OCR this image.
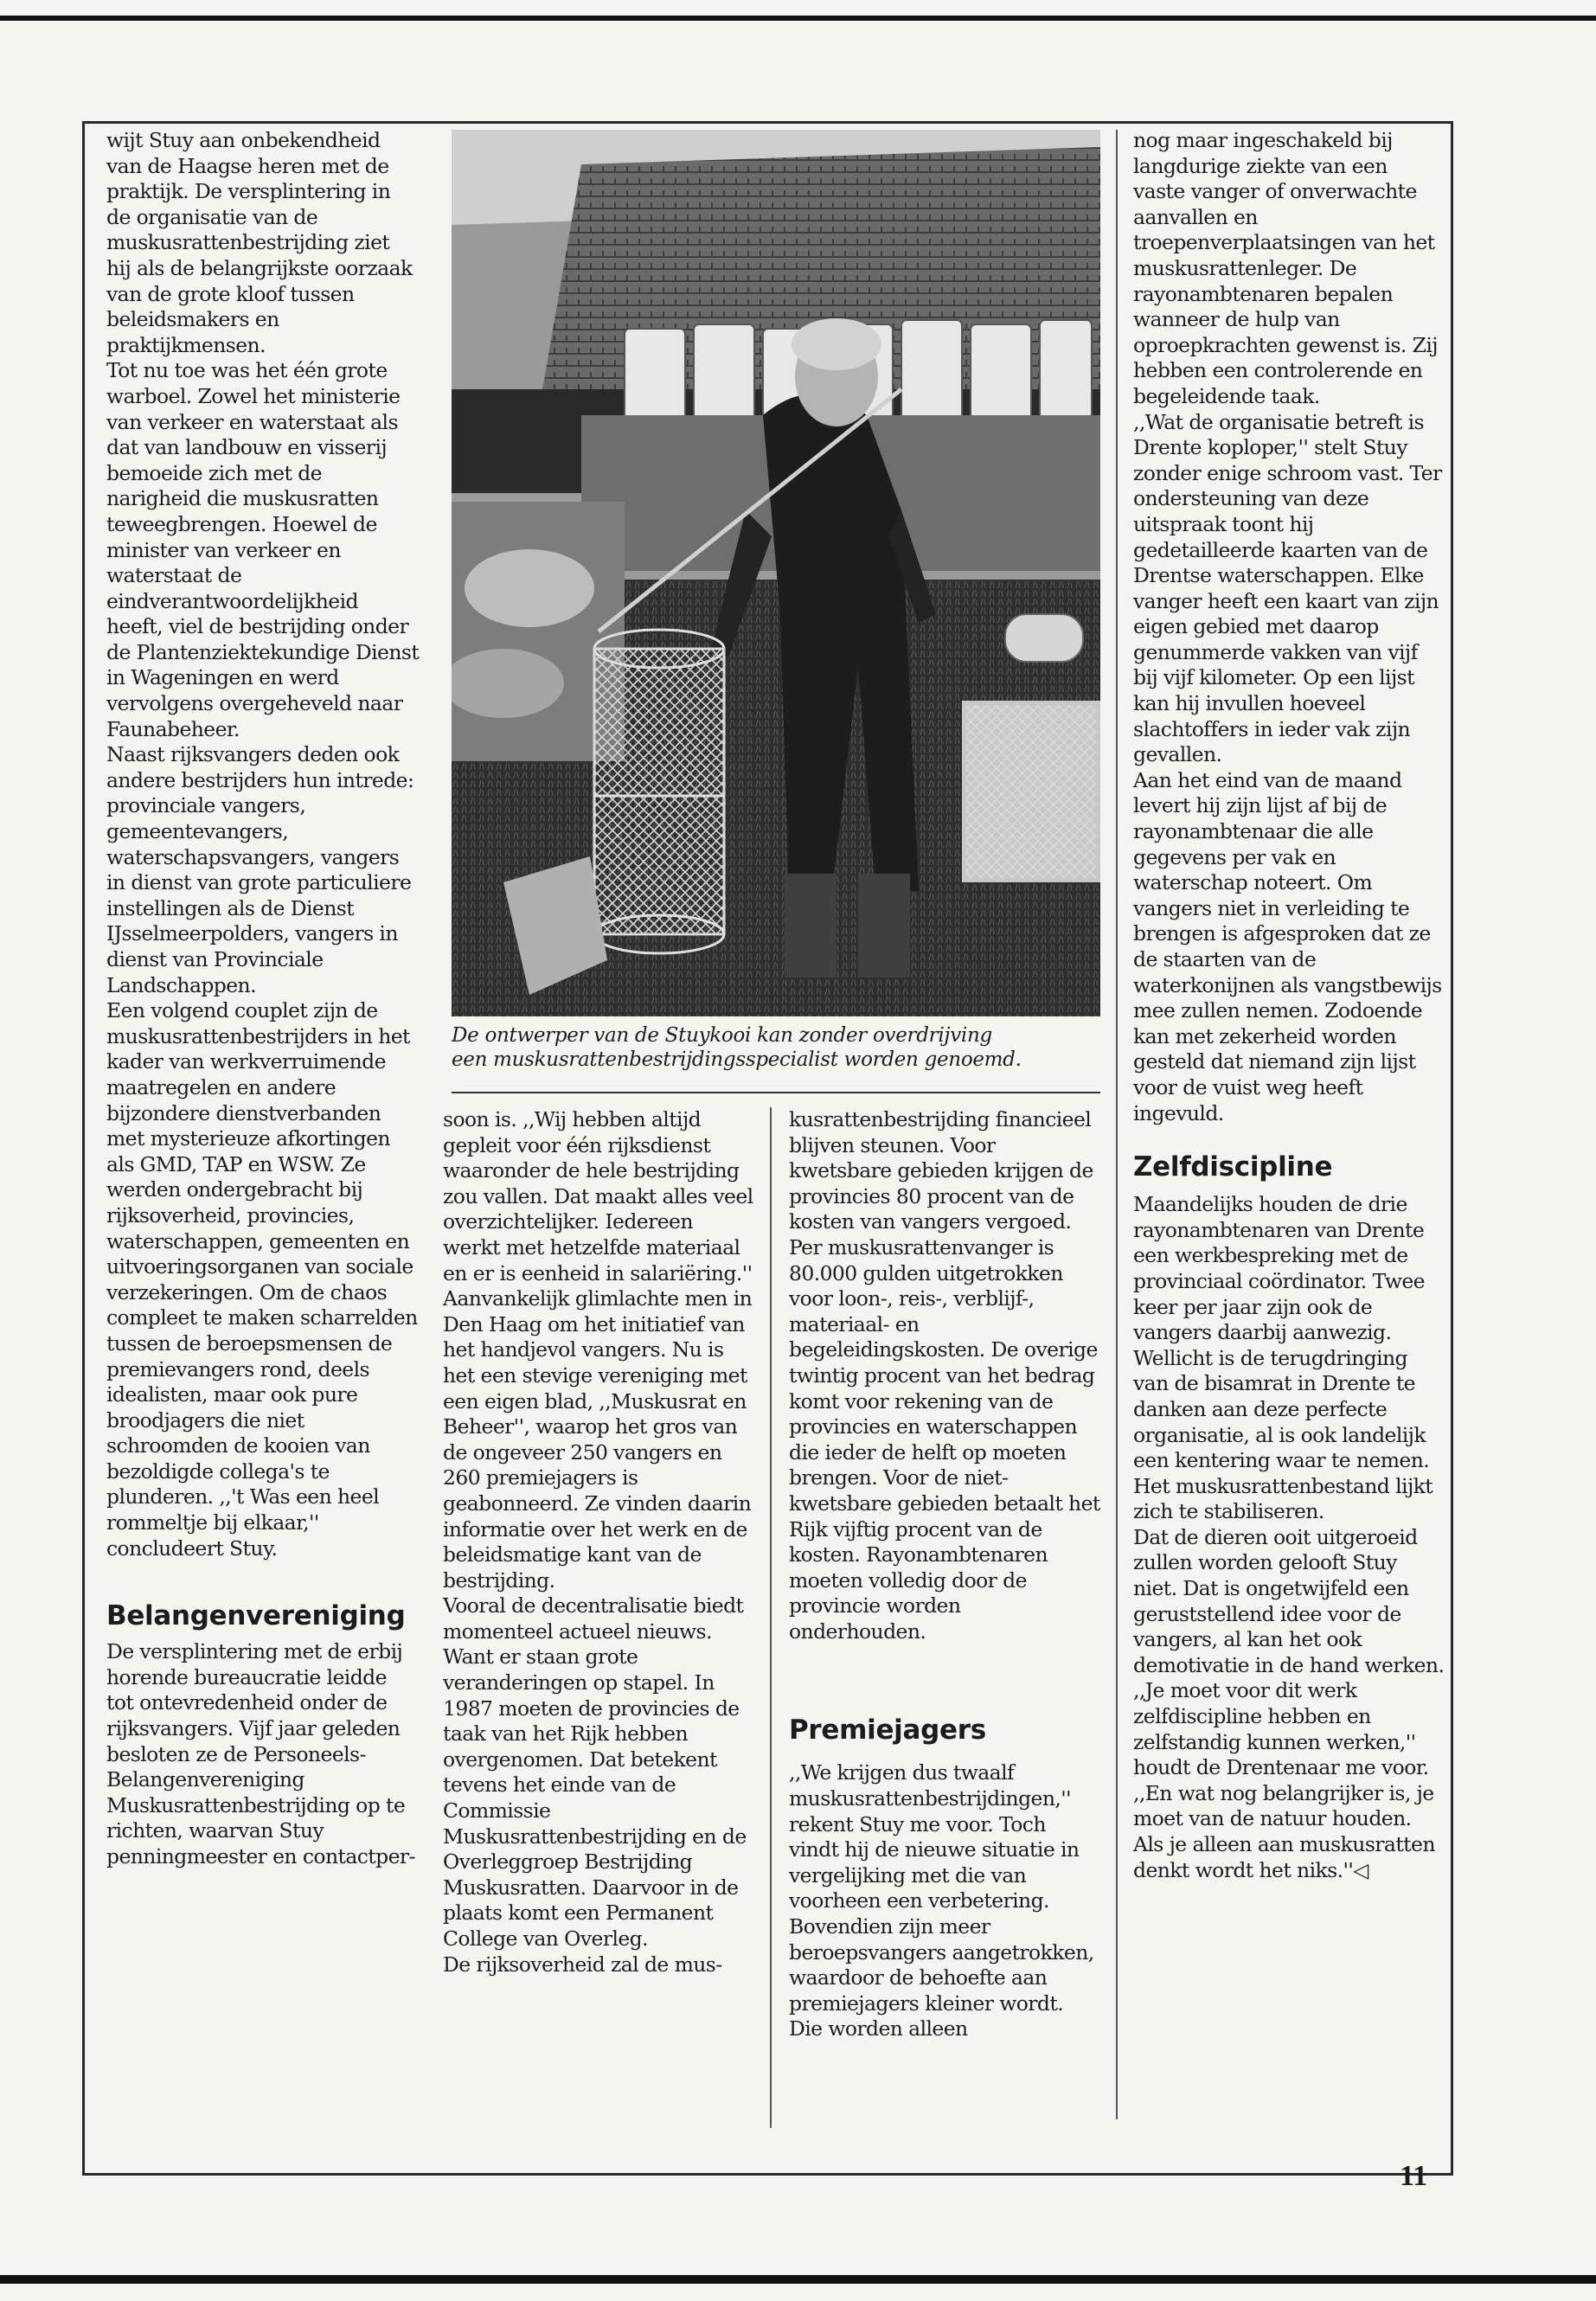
wijt Stuy aan onbekendheid van de Haagse heren met de praktijk. De versplintering in de organisatie van de muskusrattenbestrijding ziet hij als de belangrijkste oorzaak van de grote kloof tussen beleidsmakers en praktijkmensen.

Tot nu toe was het één grote warboel. Zowel het ministerie van verkeer en waterstaat als dat van landbouw en visserij bemoeide zich met de narigheid die muskusratten teweegbrengen. Hoewel de minister van verkeer en waterstaat de eindverantwoordelijkheid heeft, viel de bestrijding onder de Plantenziektekundige Dienst in Wageningen en werd vervolgens overgeheveld naar Faunabeheer.

Naast rijksvangers deden ook andere bestrijders hun intrede: provinciale vangers, gemeentevangers, waterschapsvangers, vangers in dienst van grote particuliere instellingen als de Dienst IJsselmeerpolders, vangers in dienst van Provinciale Landschappen.

Een volgend couplet zijn de muskusrattenbestrijders in het kader van werkverruimende maatregelen en andere bijzondere dienstverbanden met mysterieuze afkortingen als GMD, TAP en WSW. Ze werden ondergebracht bij rijksoverheid, provincies, waterschappen, gemeenten en uitvoeringsorganen van sociale verzekeringen. Om de chaos compleet te maken scharrelden tussen de beroepsmensen de premievangers rond, deels idealisten, maar ook pure broodjagers die niet schroomden de kooien van bezoldigde collega's te plunderen. ,,'t Was een heel rommeltje bij elkaar,'' concludeert Stuy.

Belangenvereniging

De versplintering met de erbij horende bureaucratie leidde tot ontevredenheid onder de rijksvangers. Vijf jaar geleden besloten ze de Personeels-Belangenvereniging Muskusrattenbestrijding op te richten, waarvan Stuy penningmeester en contactper-

De ontwerper van de Stuykooi kan zonder overdrijving
een muskusrattenbestrijdingsspecialist worden genoemd.

soon is. ,,Wij hebben altijd gepleit voor één rijksdienst waaronder de hele bestrijding zou vallen. Dat maakt alles veel overzichtelijker. Iedereen werkt met hetzelfde materiaal en er is eenheid in salariëring.''

Aanvankelijk glimlachte men in Den Haag om het initiatief van het handjevol vangers. Nu is het een stevige vereniging met een eigen blad, ,,Muskusrat en Beheer'', waarop het gros van de ongeveer 250 vangers en 260 premiejagers is geabonneerd. Ze vinden daarin informatie over het werk en de beleidsmatige kant van de bestrijding.

Vooral de decentralisatie biedt momenteel actueel nieuws. Want er staan grote veranderingen op stapel. In 1987 moeten de provincies de taak van het Rijk hebben overgenomen. Dat betekent tevens het einde van de Commissie Muskusrattenbestrijding en de Overleggroep Bestrijding Muskusratten. Daarvoor in de plaats komt een Permanent College van Overleg.

De rijksoverheid zal de mus-

kusrattenbestrijding financieel blijven steunen. Voor kwetsbare gebieden krijgen de provincies 80 procent van de kosten van vangers vergoed. Per muskusrattenvanger is 80.000 gulden uitgetrokken voor loon-, reis-, verblijf-, materiaal- en begeleidingskosten. De overige twintig procent van het bedrag komt voor rekening van de provincies en waterschappen die ieder de helft op moeten brengen. Voor de niet-kwetsbare gebieden betaalt het Rijk vijftig procent van de kosten. Rayonambtenaren moeten volledig door de provincie worden onderhouden.

Premiejagers

,,We krijgen dus twaalf muskusrattenbestrijdingen,'' rekent Stuy me voor. Toch vindt hij de nieuwe situatie in vergelijking met die van voorheen een verbetering. Bovendien zijn meer beroepsvangers aangetrokken, waardoor de behoefte aan premiejagers kleiner wordt. Die worden alleen

nog maar ingeschakeld bij langdurige ziekte van een vaste vanger of onverwachte aanvallen en troepenverplaatsingen van het muskusrattenleger. De rayonambtenaren bepalen wanneer de hulp van oproepkrachten gewenst is. Zij hebben een controlerende en begeleidende taak.

,,Wat de organisatie betreft is Drente koploper,'' stelt Stuy zonder enige schroom vast. Ter ondersteuning van deze uitspraak toont hij gedetailleerde kaarten van de Drentse waterschappen. Elke vanger heeft een kaart van zijn eigen gebied met daarop genummerde vakken van vijf bij vijf kilometer. Op een lijst kan hij invullen hoeveel slachtoffers in ieder vak zijn gevallen.

Aan het eind van de maand levert hij zijn lijst af bij de rayonambtenaar die alle gegevens per vak en waterschap noteert. Om vangers niet in verleiding te brengen is afgesproken dat ze de staarten van de waterkonijnen als vangstbewijs mee zullen nemen. Zodoende kan met zekerheid worden gesteld dat niemand zijn lijst voor de vuist weg heeft ingevuld.

Zelfdiscipline

Maandelijks houden de drie rayonambtenaren van Drente een werkbespreking met de provinciaal coördinator. Twee keer per jaar zijn ook de vangers daarbij aanwezig. Wellicht is de terugdringing van de bisamrat in Drente te danken aan deze perfecte organisatie, al is ook landelijk een kentering waar te nemen. Het muskusrattenbestand lijkt zich te stabiliseren.

Dat de dieren ooit uitgeroeid zullen worden gelooft Stuy niet. Dat is ongetwijfeld een geruststellend idee voor de vangers, al kan het ook demotivatie in de hand werken. ,,Je moet voor dit werk zelfdiscipline hebben en zelfstandig kunnen werken,'' houdt de Drentenaar me voor. ,,En wat nog belangrijker is, je moet van de natuur houden. Als je alleen aan muskusratten denkt wordt het niks.''◁

11
